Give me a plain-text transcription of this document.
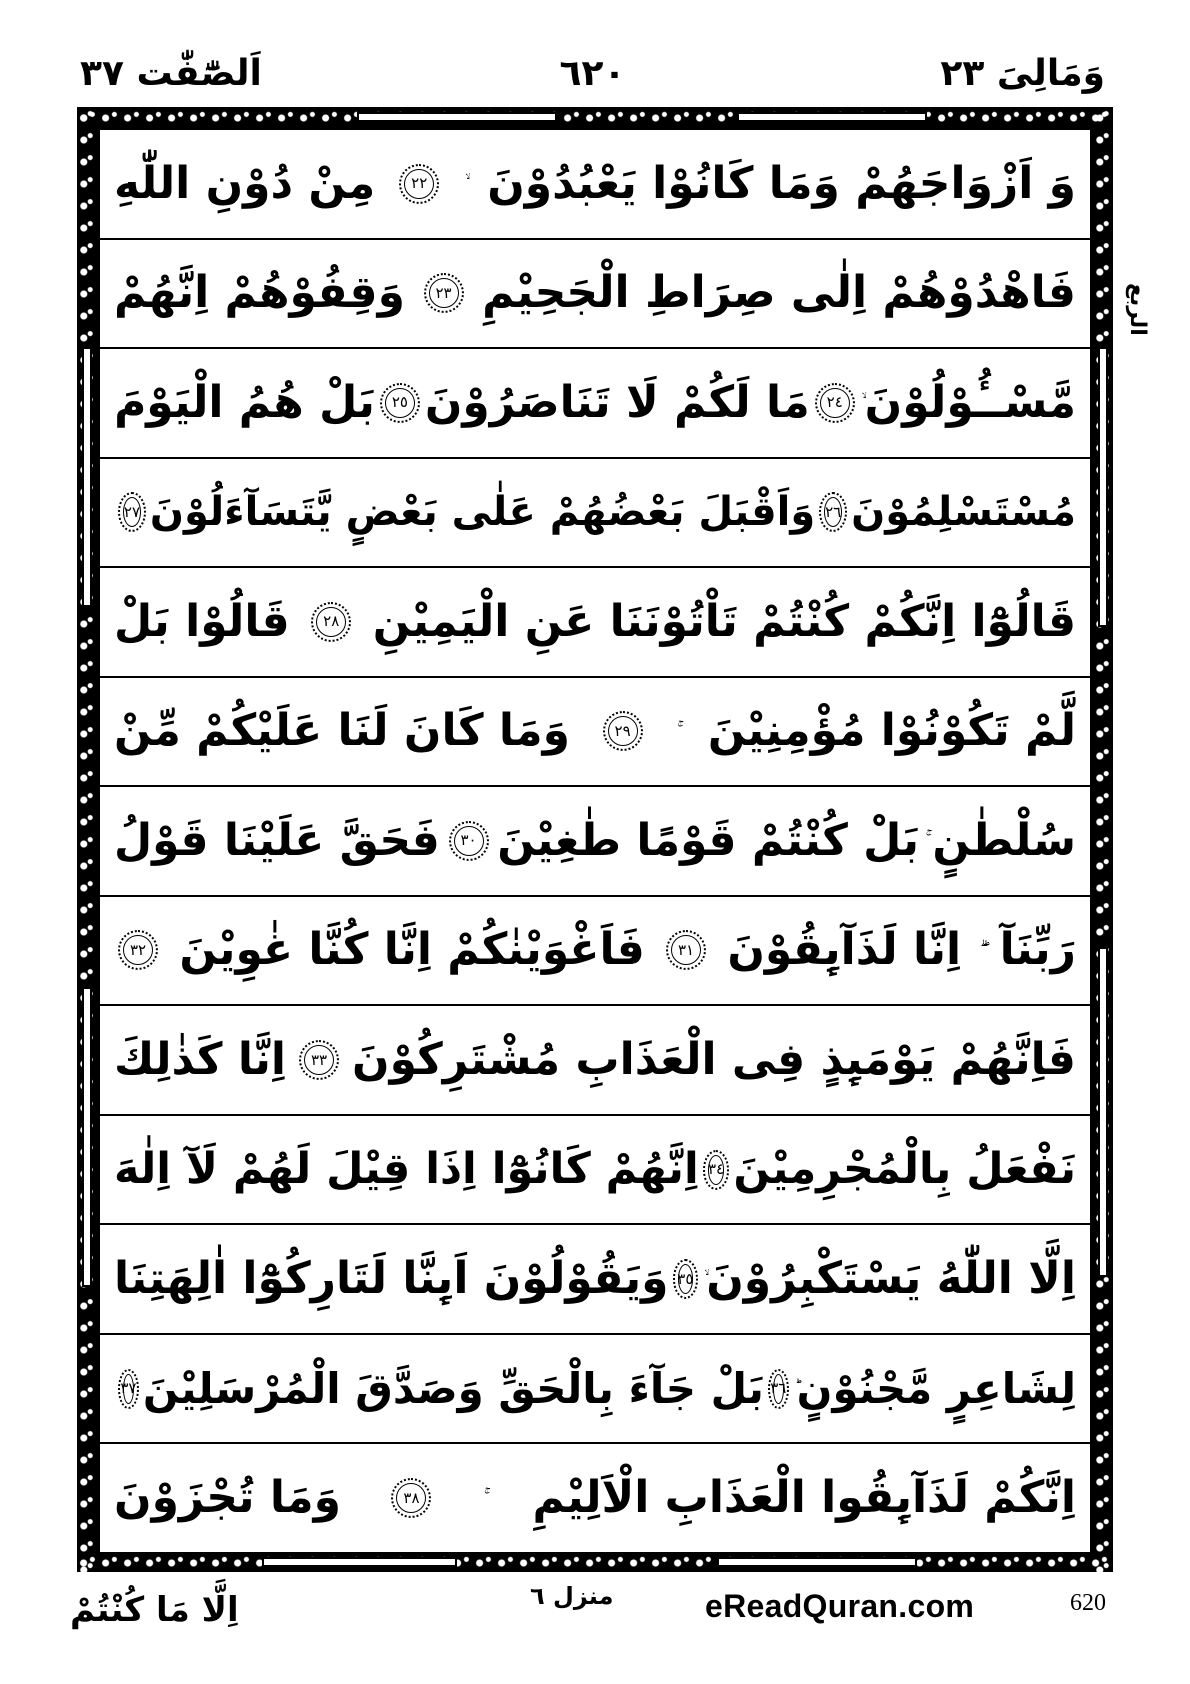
اَلصّٰٓفّٰت ٣٧	٦٢٠	وَمَالِیَ ٢٣
وَ اَزْوَاجَهُمْ وَمَا كَانُوْا يَعْبُدُوْنَ
٢٢
مِنْ دُوْنِ اللّٰهِ
فَاهْدُوْهُمْ اِلٰى صِرَاطِ الْجَحِيْمِ
٢٣
وَقِفُوْهُمْ اِنَّهُمْ
مَّسْــُٔوْلُوْنَ
٢٤
مَا لَكُمْ لَا تَنَاصَرُوْنَ
٢٥
بَلْ هُمُ الْيَوْمَ
مُسْتَسْلِمُوْنَ
٢٦
وَاَقْبَلَ بَعْضُهُمْ عَلٰى بَعْضٍ يَّتَسَآءَلُوْنَ
٢٧
قَالُوْٓا اِنَّكُمْ كُنْتُمْ تَاْتُوْنَنَا عَنِ الْيَمِيْنِ
٢٨
قَالُوْا بَلْ
لَّمْ تَكُوْنُوْا مُؤْمِنِيْنَ
٢٩
وَمَا كَانَ لَنَا عَلَيْكُمْ مِّنْ
سُلْطٰنٍ
بَلْ كُنْتُمْ قَوْمًا طٰغِيْنَ
٣٠
فَحَقَّ عَلَيْنَا قَوْلُ
رَبِّنَآ
اِنَّا لَذَآىِٕقُوْنَ
٣١
فَاَغْوَيْنٰكُمْ اِنَّا كُنَّا غٰوِيْنَ
٣٢
فَاِنَّهُمْ يَوْمَىِٕذٍ فِى الْعَذَابِ مُشْتَرِكُوْنَ
٣٣
اِنَّا كَذٰلِكَ
نَفْعَلُ بِالْمُجْرِمِيْنَ
٣٤
اِنَّهُمْ كَانُوْٓا اِذَا قِيْلَ لَهُمْ لَآ اِلٰهَ
اِلَّا اللّٰهُ يَسْتَكْبِرُوْنَ
٣٥
وَيَقُوْلُوْنَ اَىِٕنَّا لَتَارِكُوْٓا اٰلِهَتِنَا
لِشَاعِرٍ مَّجْنُوْنٍ
٣٦
بَلْ جَآءَ بِالْحَقِّ وَصَدَّقَ الْمُرْسَلِيْنَ
٣٧
اِنَّكُمْ لَذَآىِٕقُوا الْعَذَابِ الْاَلِيْمِ
٣٨
وَمَا تُجْزَوْنَ
الربع
اِلَّا مَا كُنْتُمْ	منزل ٦	eReadQuran.com	620
